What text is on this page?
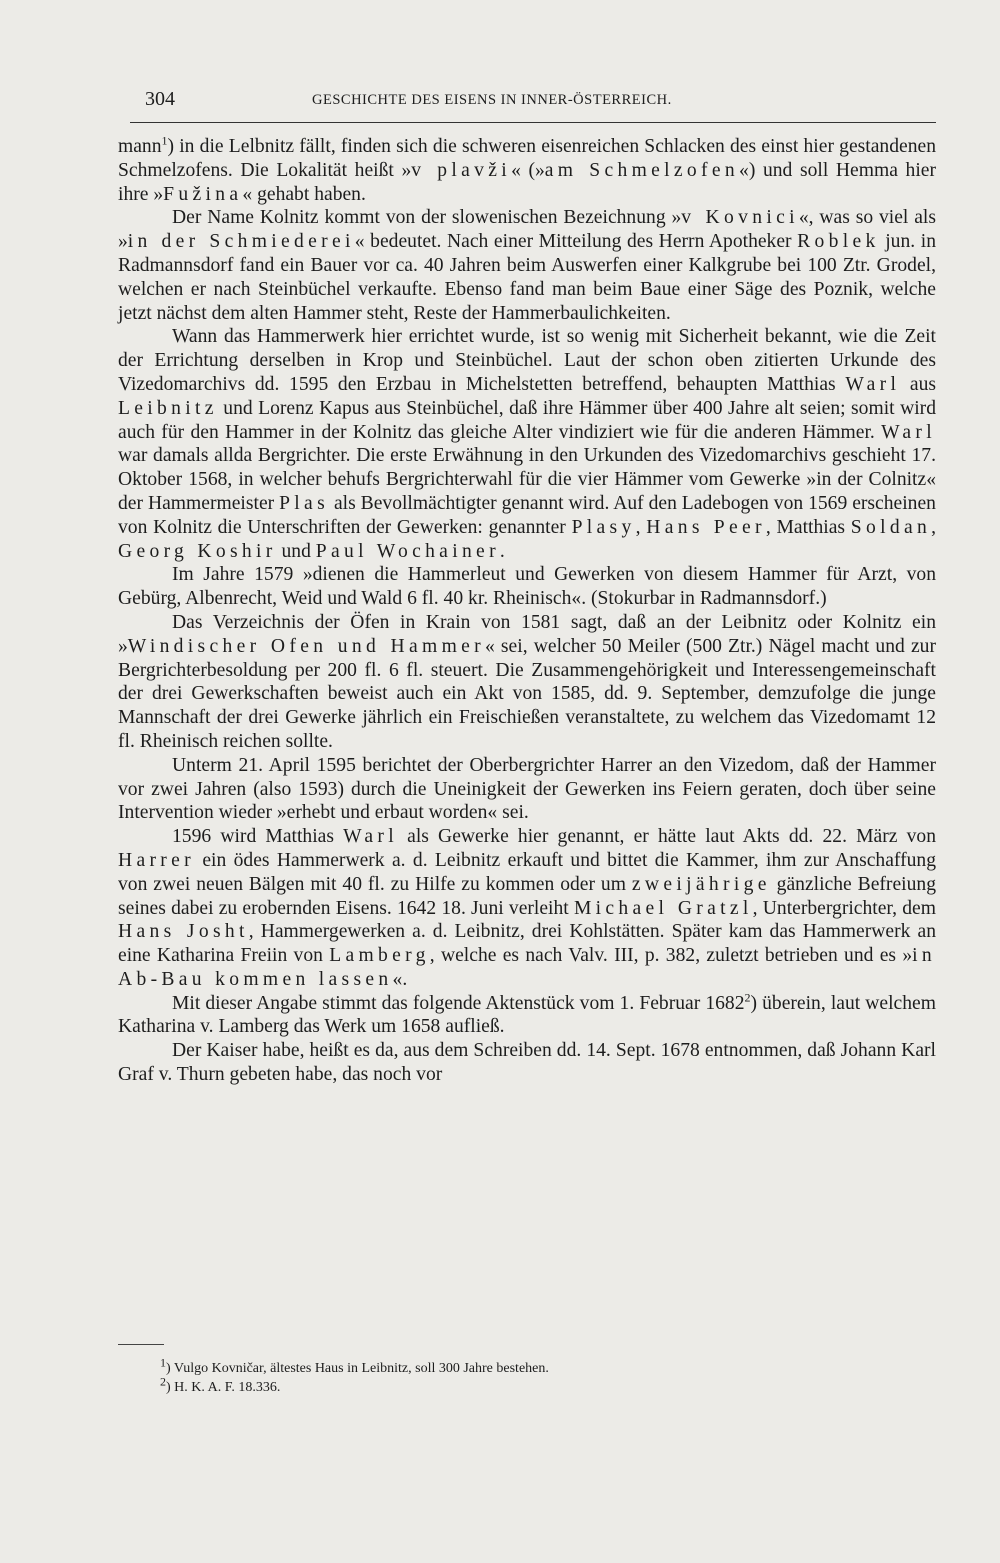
304	GESCHICHTE DES EISENS IN INNER-ÖSTERREICH.

mann$^1$) in die Lelbnitz fällt, finden sich die schweren eisenreichen Schlacken des einst hier gestandenen Schmelzofens. Die Lokalität heißt »v plavži« (»am Schmelzofen«) und soll Hemma hier ihre »Fužina« gehabt haben.

Der Name Kolnitz kommt von der slowenischen Bezeichnung »v Kovnici«, was so viel als »in der Schmiederei« bedeutet. Nach einer Mitteilung des Herrn Apotheker Roblek jun. in Radmannsdorf fand ein Bauer vor ca. 40 Jahren beim Auswerfen einer Kalkgrube bei 100 Ztr. Grodel, welchen er nach Steinbüchel verkaufte. Ebenso fand man beim Baue einer Säge des Poznik, welche jetzt nächst dem alten Hammer steht, Reste der Hammerbaulichkeiten.

Wann das Hammerwerk hier errichtet wurde, ist so wenig mit Sicherheit bekannt, wie die Zeit der Errichtung derselben in Krop und Steinbüchel. Laut der schon oben zitierten Urkunde des Vizedomarchivs dd. 1595 den Erzbau in Michelstetten betreffend, behaupten Matthias Warl aus Leibnitz und Lorenz Kapus aus Steinbüchel, daß ihre Hämmer über 400 Jahre alt seien; somit wird auch für den Hammer in der Kolnitz das gleiche Alter vindiziert wie für die anderen Hämmer. Warl war damals allda Bergrichter. Die erste Erwähnung in den Urkunden des Vizedomarchivs geschieht 17. Oktober 1568, in welcher behufs Bergrichterwahl für die vier Hämmer vom Gewerke »in der Colnitz« der Hammermeister Plas als Bevollmächtigter genannt wird. Auf den Ladebogen von 1569 erscheinen von Kolnitz die Unterschriften der Gewerken: genannter Plasy, Hans Peer, Matthias Soldan, Georg Koshir und Paul Wochainer.

Im Jahre 1579 »dienen die Hammerleut und Gewerken von diesem Hammer für Arzt, von Gebürg, Albenrecht, Weid und Wald 6 fl. 40 kr. Rheinisch«. (Stokurbar in Radmannsdorf.)

Das Verzeichnis der Öfen in Krain von 1581 sagt, daß an der Leibnitz oder Kolnitz ein »Windischer Ofen und Hammer« sei, welcher 50 Meiler (500 Ztr.) Nägel macht und zur Bergrichterbesoldung per 200 fl. 6 fl. steuert. Die Zusammengehörigkeit und Interessengemeinschaft der drei Gewerkschaften beweist auch ein Akt von 1585, dd. 9. September, demzufolge die junge Mannschaft der drei Gewerke jährlich ein Freischießen veranstaltete, zu welchem das Vizedomamt 12 fl. Rheinisch reichen sollte.

Unterm 21. April 1595 berichtet der Oberbergrichter Harrer an den Vizedom, daß der Hammer vor zwei Jahren (also 1593) durch die Uneinigkeit der Gewerken ins Feiern geraten, doch über seine Intervention wieder »erhebt und erbaut worden« sei.

1596 wird Matthias Warl als Gewerke hier genannt, er hätte laut Akts dd. 22. März von Harrer ein ödes Hammerwerk a. d. Leibnitz erkauft und bittet die Kammer, ihm zur Anschaffung von zwei neuen Bälgen mit 40 fl. zu Hilfe zu kommen oder um zweijährige gänzliche Befreiung seines dabei zu erobernden Eisens. 1642 18. Juni verleiht Michael Gratzl, Unterbergrichter, dem Hans Josht, Hammergewerken a. d. Leibnitz, drei Kohlstätten. Später kam das Hammerwerk an eine Katharina Freiin von Lamberg, welche es nach Valv. III, p. 382, zuletzt betrieben und es »in Ab-Bau kommen lassen«.

Mit dieser Angabe stimmt das folgende Aktenstück vom 1. Februar 1682$^2$) überein, laut welchem Katharina v. Lamberg das Werk um 1658 aufließ.

Der Kaiser habe, heißt es da, aus dem Schreiben dd. 14. Sept. 1678 entnommen, daß Johann Karl Graf v. Thurn gebeten habe, das noch vor

$^1$) Vulgo Kovničar, ältestes Haus in Leibnitz, soll 300 Jahre bestehen.

$^2$) H. K. A. F. 18.336.
